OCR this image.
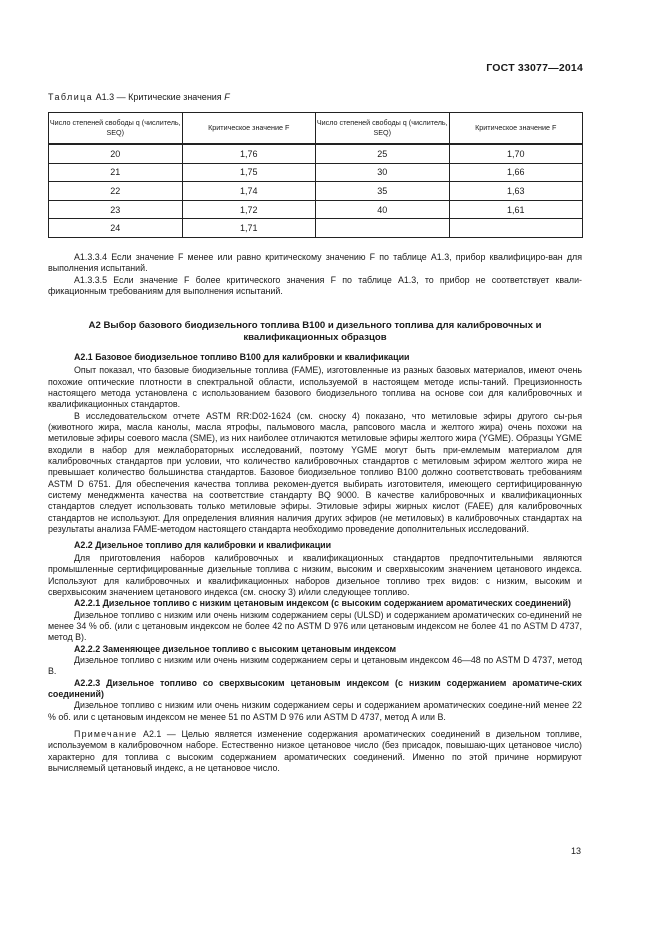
ГОСТ 33077—2014
Таблица A1.3 — Критические значения F
Число степеней свободы q (числитель, SEQ)	Критическое значение F	Число степеней свободы q (числитель, SEQ)	Критическое значение F
20	1,76	25	1,70
21	1,75	30	1,66
22	1,74	35	1,63
23	1,72	40	1,61
24	1,71		

A1.3.3.4 Если значение F менее или равно критическому значению F по таблице А1.3, прибор квалифициро-ван для выполнения испытаний.

A1.3.3.5 Если значение F более критического значения F по таблице А1.3, то прибор не соответствует квали-фикационным требованиям для выполнения испытаний.

А2 Выбор базового биодизельного топлива В100 и дизельного топлива для калибровочных и квалификационных образцов

А2.1 Базовое биодизельное топливо В100 для калибровки и квалификации

Опыт показал, что базовые биодизельные топлива (FAME), изготовленные из разных базовых материалов, имеют очень похожие оптические плотности в спектральной области, используемой в настоящем методе испы-таний. Прецизионность настоящего метода установлена с использованием базового биодизельного топлива на основе сои для калибровочных и квалификационных стандартов.

В исследовательском отчете ASTM RR:D02-1624 (см. сноску 4) показано, что метиловые эфиры другого сы-рья (животного жира, масла канолы, масла ятрофы, пальмового масла, рапсового масла и желтого жира) очень похожи на метиловые эфиры соевого масла (SME), из них наиболее отличаются метиловые эфиры желтого жира (YGME). Образцы YGME входили в набор для межлабораторных исследований, поэтому YGME могут быть при-емлемым материалом для калибровочных стандартов при условии, что количество калибровочных стандартов с метиловым эфиром желтого жира не превышает количество большинства стандартов. Базовое биодизельное топливо В100 должно соответствовать требованиям ASTM D 6751. Для обеспечения качества топлива рекомен-дуется выбирать изготовителя, имеющего сертифицированную систему менеджмента качества на соответствие стандарту BQ 9000. В качестве калибровочных и квалификационных стандартов следует использовать только метиловые эфиры. Этиловые эфиры жирных кислот (FAEE) для калибровочных стандартов не используют. Для определения влияния наличия других эфиров (не метиловых) в калибровочных стандартах на результаты анализа FAME-методом настоящего стандарта необходимо проведение дополнительных исследований.

А2.2 Дизельное топливо для калибровки и квалификации

Для приготовления наборов калибровочных и квалификационных стандартов предпочтительными являются промышленные сертифицированные дизельные топлива с низким, высоким и сверхвысоким значением цетанового индекса. Используют для калибровочных и квалификационных наборов дизельное топливо трех видов: с низким, высоким и сверхвысоким значением цетанового индекса (см. сноску 3) и/или следующее топливо.

А2.2.1 Дизельное топливо с низким цетановым индексом (с высоким содержанием ароматических соединений)

Дизельное топливо с низким или очень низким содержанием серы (ULSD) и содержанием ароматических со-единений не менее 34 % об. (или с цетановым индексом не более 42 по ASTM D 976 или цетановым индексом не более 41 по ASTM D 4737, метод В).

А2.2.2 Заменяющее дизельное топливо с высоким цетановым индексом

Дизельное топливо с низким или очень низким содержанием серы и цетановым индексом 46—48 по ASTM D 4737, метод В.

А2.2.3 Дизельное топливо со сверхвысоким цетановым индексом (с низким содержанием ароматиче-ских соединений)

Дизельное топливо с низким или очень низким содержанием серы и содержанием ароматических соедине-ний менее 22 % об. или с цетановым индексом не менее 51 по ASTM D 976 или ASTM D 4737, метод А или В.

Примечание А2.1 — Целью является изменение содержания ароматических соединений в дизельном топливе, используемом в калибровочном наборе. Естественно низкое цетановое число (без присадок, повышаю-щих цетановое число) характерно для топлива с высоким содержанием ароматических соединений. Именно по этой причине нормируют вычисляемый цетановый индекс, а не цетановое число.

13
